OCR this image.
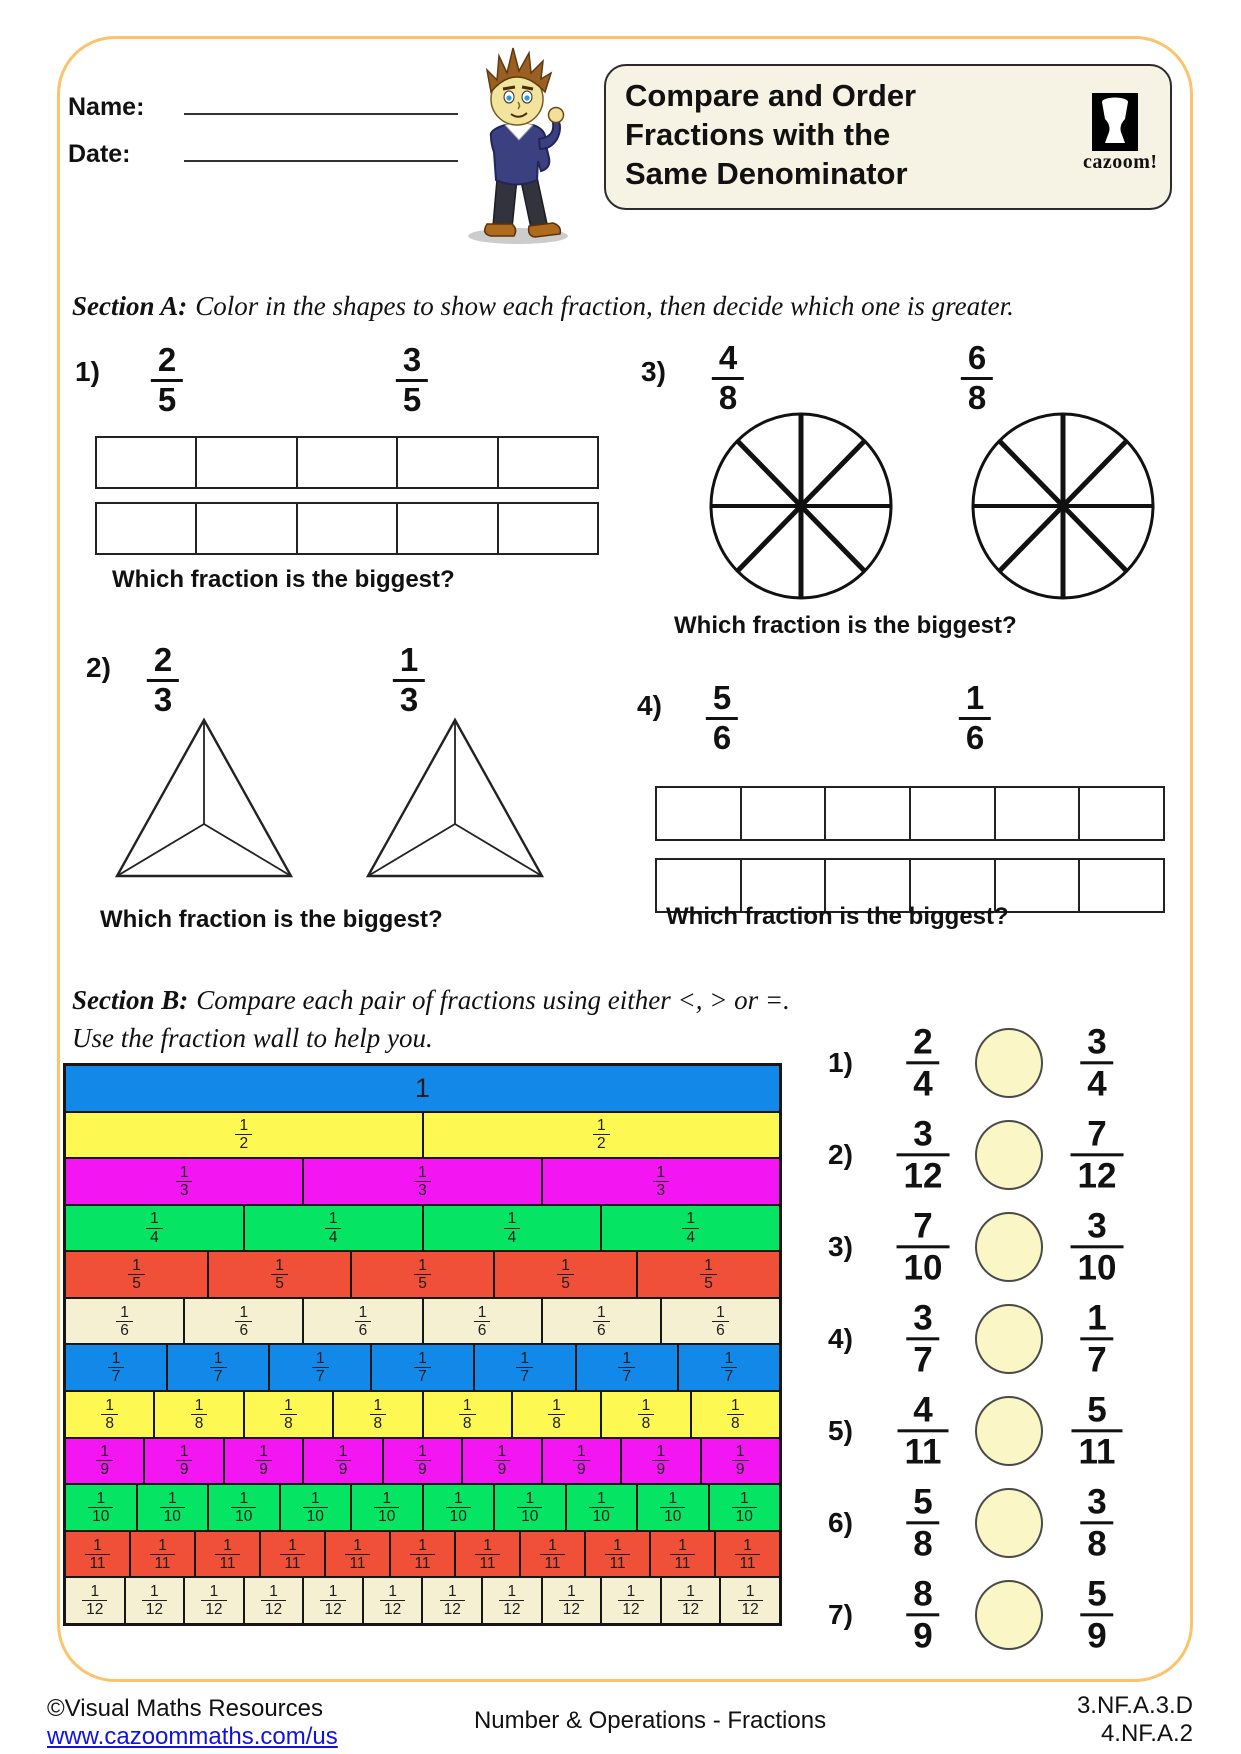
Name:
Date:
Compare and Order
Fractions with the
Same Denominator	cazoom!
Section A: Color in the shapes to show each fraction, then decide which one is greater.
$1) \frac{2}{5}$	$\frac{3}{5}$
Which fraction is the biggest?
$3) \frac{4}{8}$	$\frac{6}{8}$
Which fraction is the biggest?
$2) \frac{2}{3}$	$\frac{1}{3}$
Which fraction is the biggest?
$4) \frac{5}{6}$	$\frac{1}{6}$
Which fraction is the biggest?
Section B: Compare each pair of fractions using either <, > or =.
Use the fraction wall to help you.
1
$\frac{1}{2}$	$\frac{1}{2}$
$\frac{1}{3}$	$\frac{1}{3}$	$\frac{1}{3}$
$\frac{1}{4}$	$\frac{1}{4}$	$\frac{1}{4}$	$\frac{1}{4}$
$\frac{1}{5}$	$\frac{1}{5}$	$\frac{1}{5}$	$\frac{1}{5}$	$\frac{1}{5}$
$\frac{1}{6}$	$\frac{1}{6}$	$\frac{1}{6}$	$\frac{1}{6}$	$\frac{1}{6}$	$\frac{1}{6}$
$\frac{1}{7}$	$\frac{1}{7}$	$\frac{1}{7}$	$\frac{1}{7}$	$\frac{1}{7}$	$\frac{1}{7}$	$\frac{1}{7}$
$\frac{1}{8}$	$\frac{1}{8}$	$\frac{1}{8}$	$\frac{1}{8}$	$\frac{1}{8}$	$\frac{1}{8}$	$\frac{1}{8}$	$\frac{1}{8}$
$\frac{1}{9}$	$\frac{1}{9}$	$\frac{1}{9}$	$\frac{1}{9}$	$\frac{1}{9}$	$\frac{1}{9}$	$\frac{1}{9}$	$\frac{1}{9}$	$\frac{1}{9}$
$\frac{1}{10}$	$\frac{1}{10}$	$\frac{1}{10}$	$\frac{1}{10}$	$\frac{1}{10}$	$\frac{1}{10}$	$\frac{1}{10}$	$\frac{1}{10}$	$\frac{1}{10}$	$\frac{1}{10}$
$\frac{1}{11}$	$\frac{1}{11}$	$\frac{1}{11}$	$\frac{1}{11}$	$\frac{1}{11}$	$\frac{1}{11}$	$\frac{1}{11}$	$\frac{1}{11}$	$\frac{1}{11}$	$\frac{1}{11}$	$\frac{1}{11}$
$\frac{1}{12} \frac{1}{12} \frac{1}{12} \frac{1}{12} \frac{1}{12} \frac{1}{12} \frac{1}{12} \frac{1}{12} \frac{1}{12} \frac{1}{12} \frac{1}{12} \frac{1}{12}$
$1) \frac{2}{4}$	$\frac{3}{4}$
$2) \frac{3}{12}$	$\frac{7}{12}$
$3) \frac{7}{10}$	$\frac{3}{10}$
$4) \frac{3}{7}$	$\frac{1}{7}$
$5) \frac{4}{11}$	$\frac{5}{11}$
$6) \frac{5}{8}$	$\frac{3}{8}$
$7) \frac{8}{9}$	$\frac{5}{9}$
©Visual Maths Resources
www.cazoommaths.com/us
Number & Operations - Fractions
3.NF.A.3.D
4.NF.A.2
